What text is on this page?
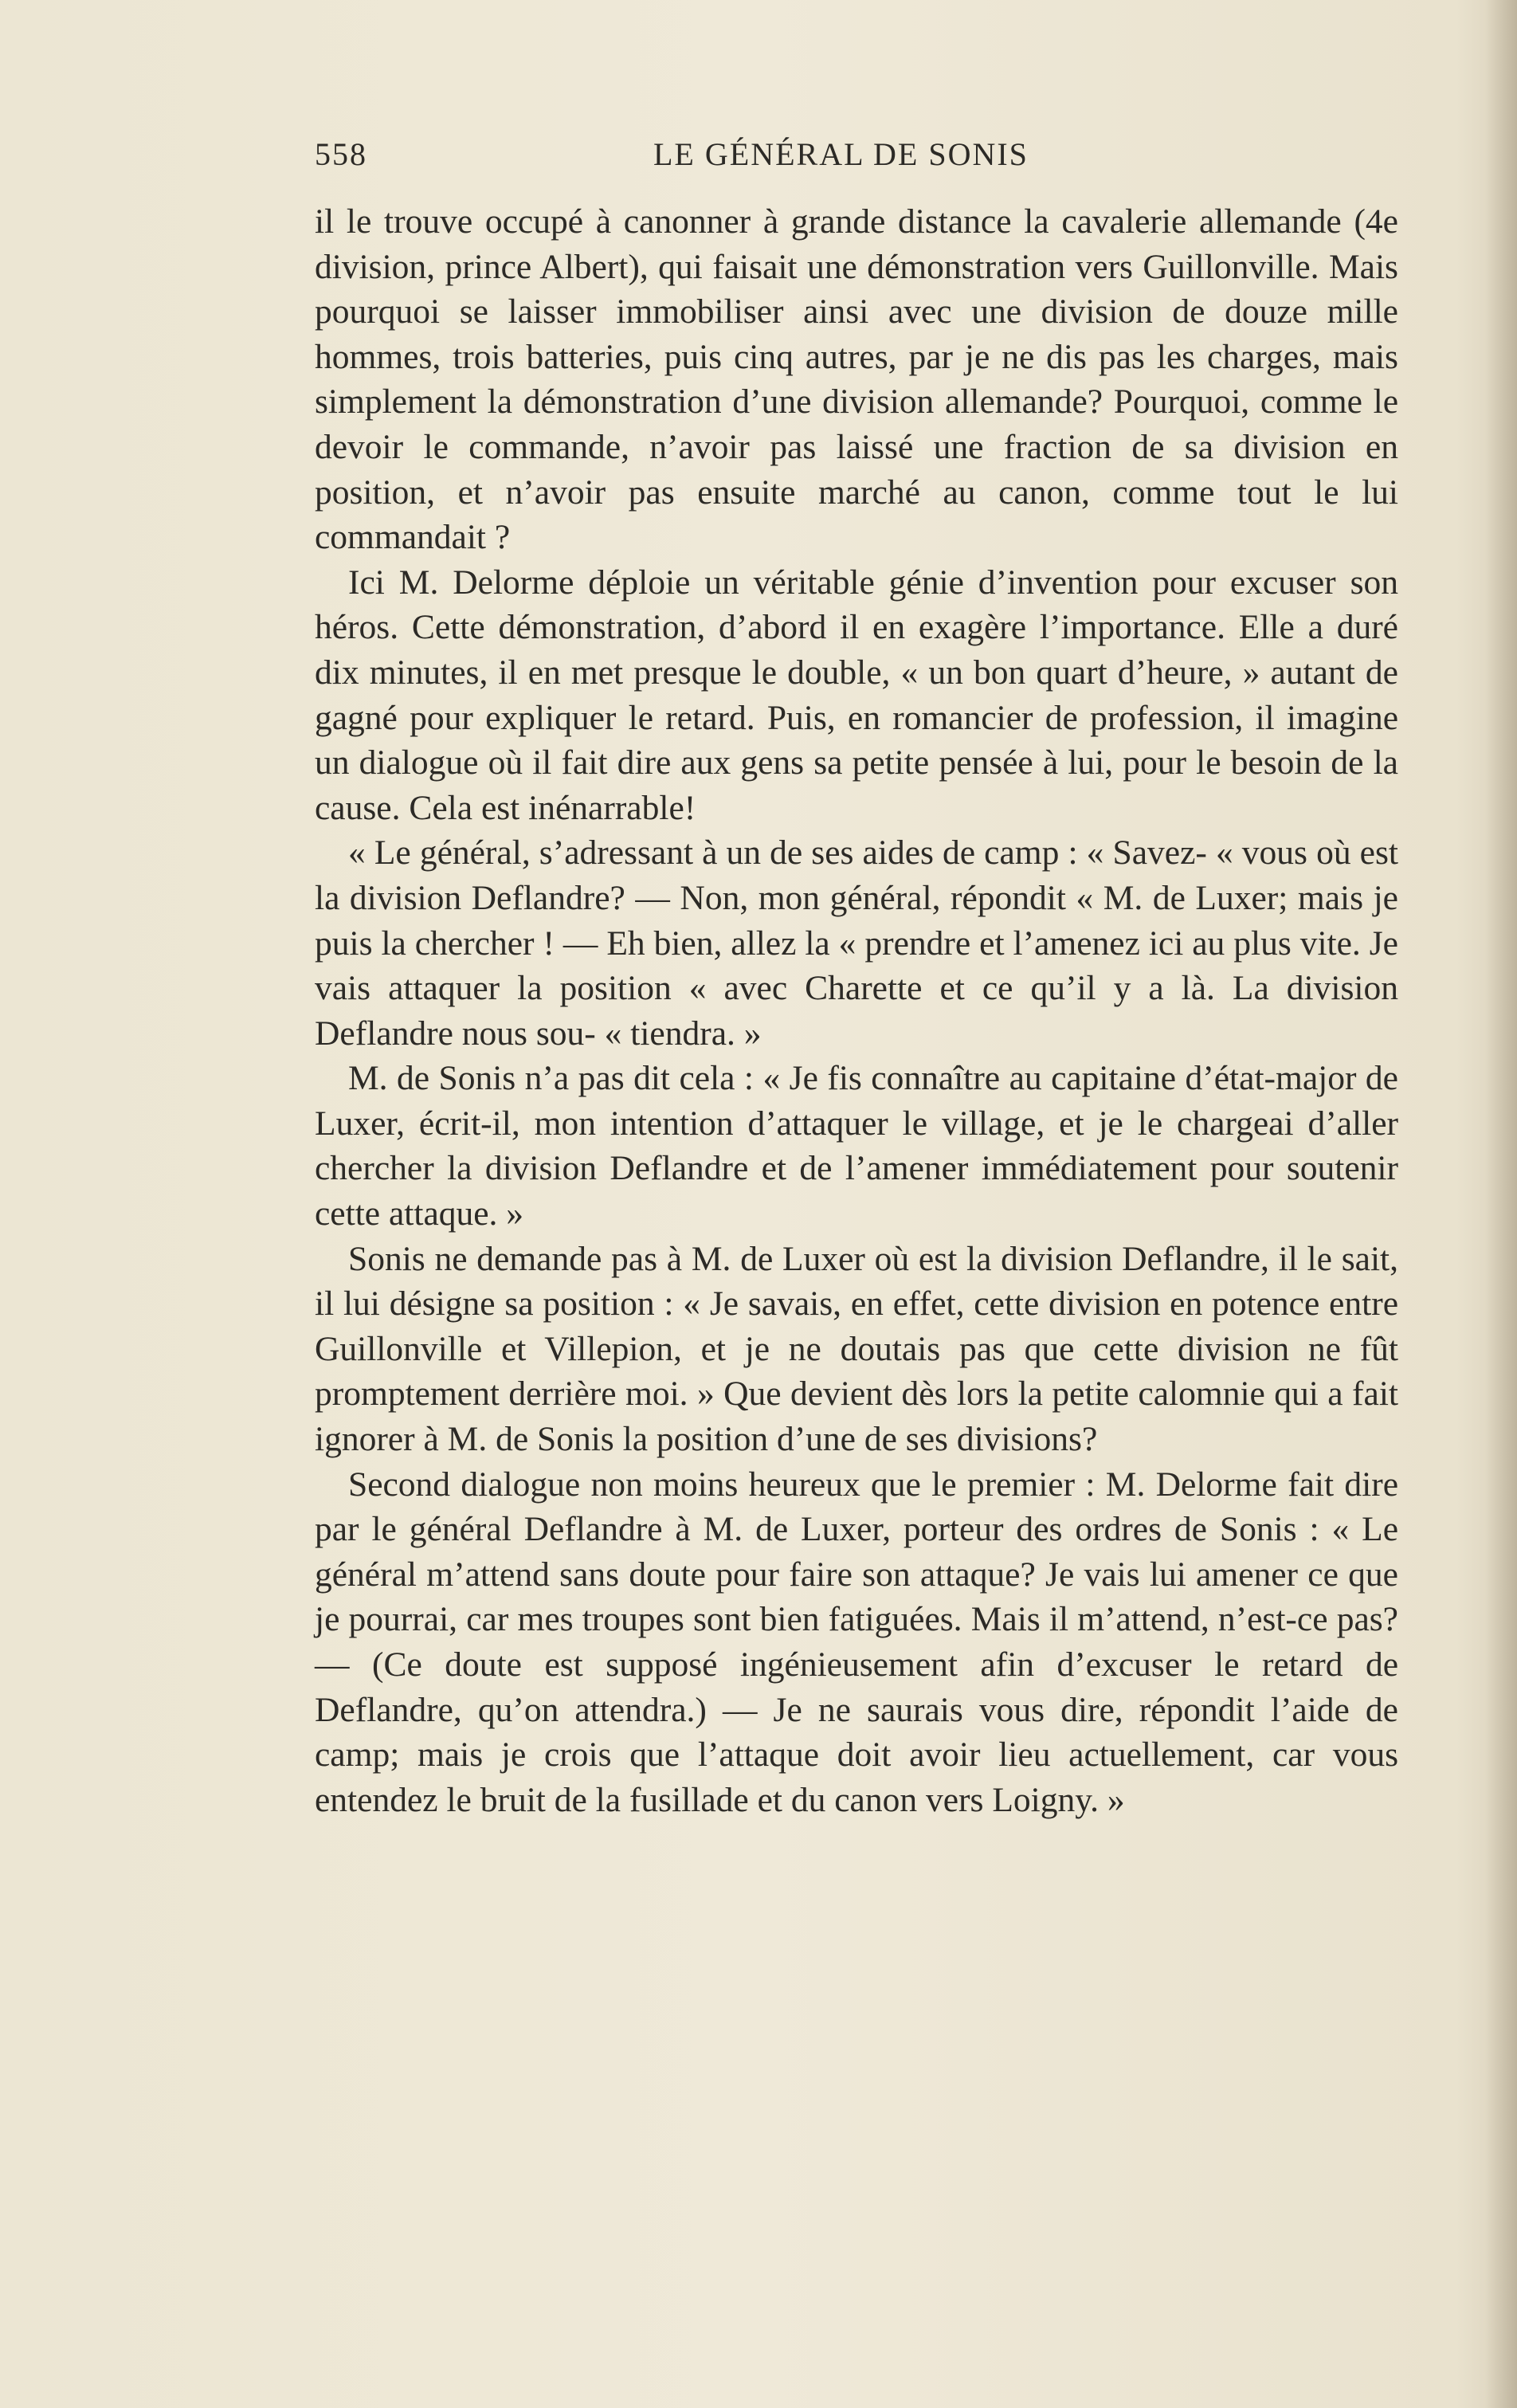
558	LE GÉNÉRAL DE SONIS

il le trouve occupé à canonner à grande distance la cavalerie allemande (4e division, prince Albert), qui faisait une démonstration vers Guillonville. Mais pourquoi se laisser immobiliser ainsi avec une division de douze mille hommes, trois batteries, puis cinq autres, par je ne dis pas les charges, mais simplement la démonstration d’une division allemande? Pourquoi, comme le devoir le commande, n’avoir pas laissé une fraction de sa division en position, et n’avoir pas ensuite marché au canon, comme tout le lui commandait ?

Ici M. Delorme déploie un véritable génie d’invention pour excuser son héros. Cette démonstration, d’abord il en exagère l’importance. Elle a duré dix minutes, il en met presque le double, « un bon quart d’heure, » autant de gagné pour expliquer le retard. Puis, en romancier de profession, il imagine un dialogue où il fait dire aux gens sa petite pensée à lui, pour le besoin de la cause. Cela est inénarrable!

« Le général, s’adressant à un de ses aides de camp : « Savez- « vous où est la division Deflandre? — Non, mon général, répondit « M. de Luxer; mais je puis la chercher ! — Eh bien, allez la « prendre et l’amenez ici au plus vite. Je vais attaquer la position « avec Charette et ce qu’il y a là. La division Deflandre nous sou- « tiendra. »

M. de Sonis n’a pas dit cela : « Je fis connaître au capitaine d’état-major de Luxer, écrit-il, mon intention d’attaquer le village, et je le chargeai d’aller chercher la division Deflandre et de l’amener immédiatement pour soutenir cette attaque. »

Sonis ne demande pas à M. de Luxer où est la division Deflandre, il le sait, il lui désigne sa position : « Je savais, en effet, cette division en potence entre Guillonville et Villepion, et je ne doutais pas que cette division ne fût promptement derrière moi. » Que devient dès lors la petite calomnie qui a fait ignorer à M. de Sonis la position d’une de ses divisions?

Second dialogue non moins heureux que le premier : M. Delorme fait dire par le général Deflandre à M. de Luxer, porteur des ordres de Sonis : « Le général m’attend sans doute pour faire son attaque? Je vais lui amener ce que je pourrai, car mes troupes sont bien fatiguées. Mais il m’attend, n’est-ce pas? — (Ce doute est supposé ingénieusement afin d’excuser le retard de Deflandre, qu’on attendra.) — Je ne saurais vous dire, répondit l’aide de camp; mais je crois que l’attaque doit avoir lieu actuellement, car vous entendez le bruit de la fusillade et du canon vers Loigny. »
